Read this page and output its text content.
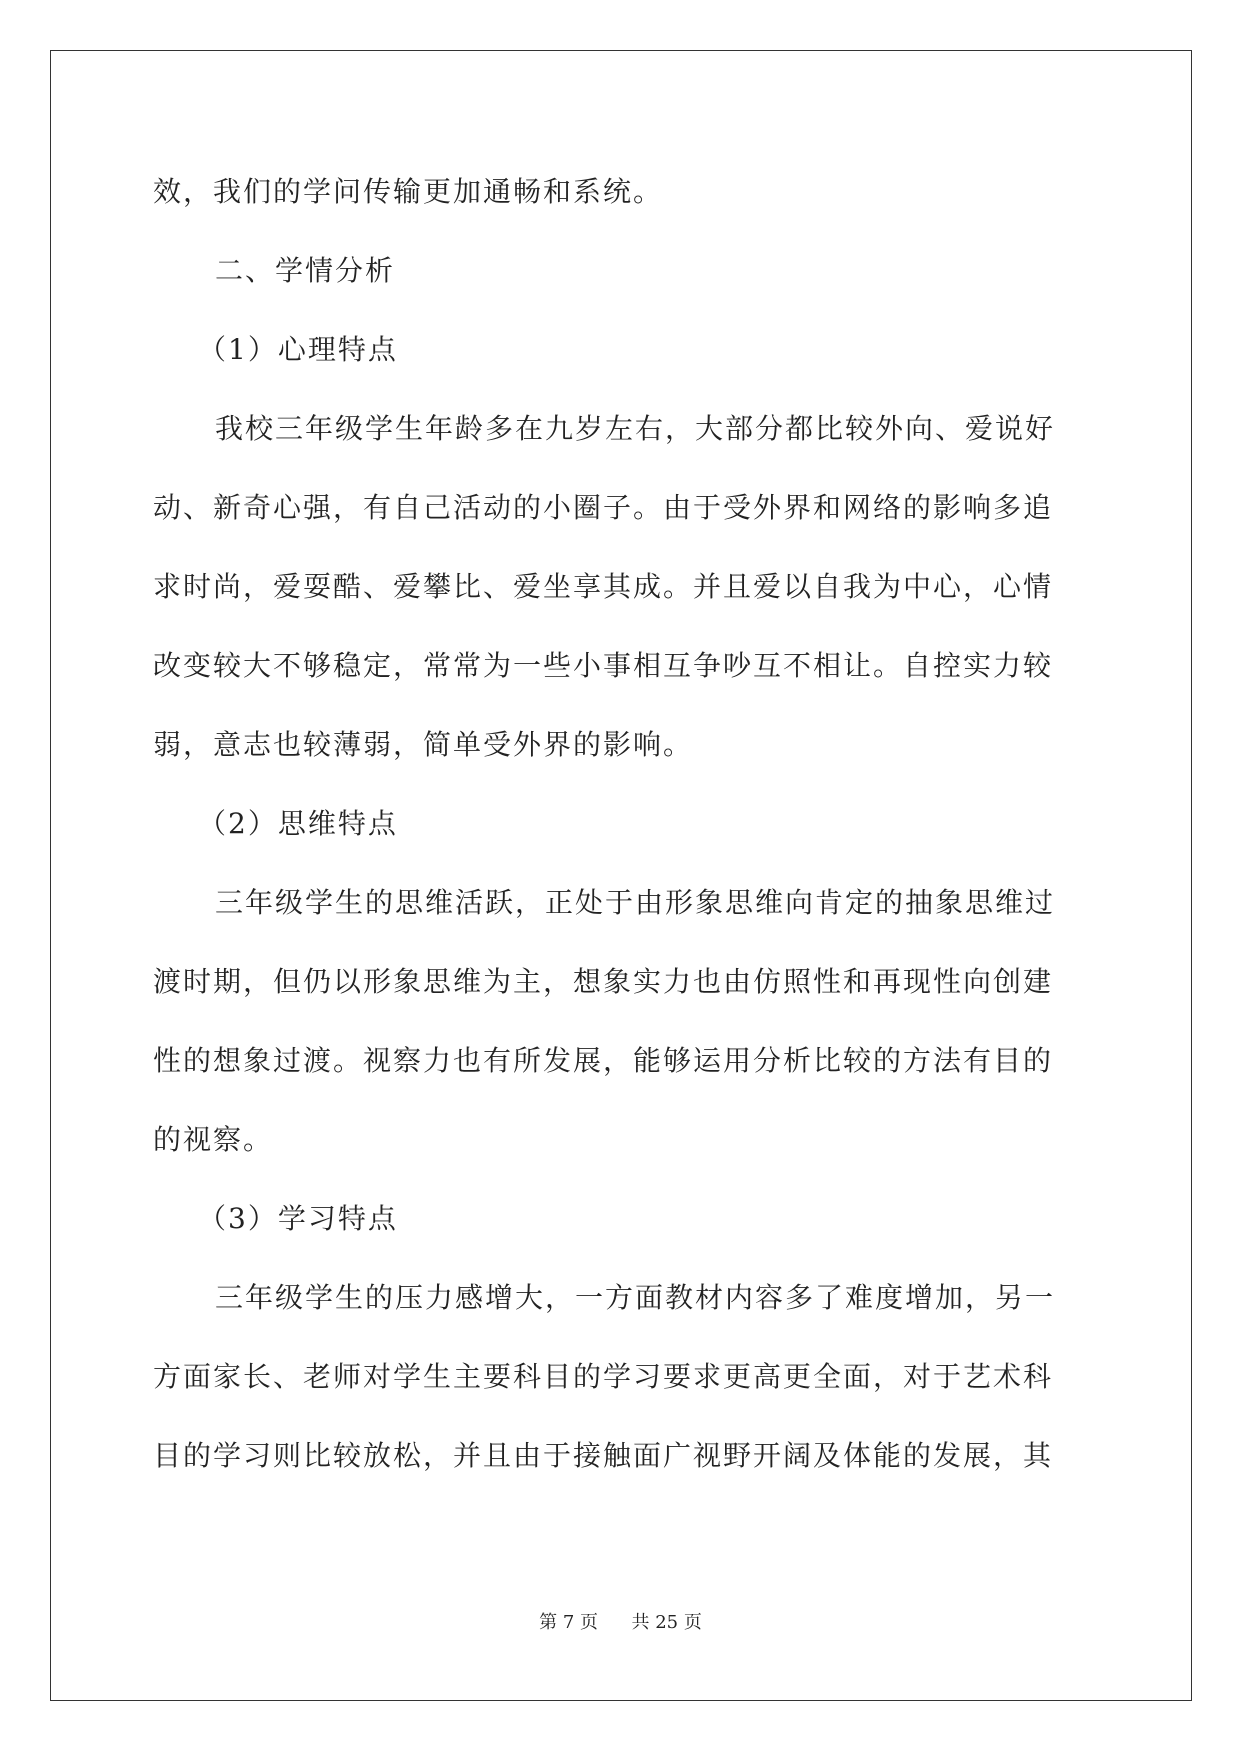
效，我们的学问传输更加通畅和系统。
二、学情分析
（1）心理特点
我校三年级学生年龄多在九岁左右，大部分都比较外向、爱说好
动、新奇心强，有自己活动的小圈子。由于受外界和网络的影响多追
求时尚，爱耍酷、爱攀比、爱坐享其成。并且爱以自我为中心，心情
改变较大不够稳定，常常为一些小事相互争吵互不相让。自控实力较
弱，意志也较薄弱，简单受外界的影响。
（2）思维特点
三年级学生的思维活跃，正处于由形象思维向肯定的抽象思维过
渡时期，但仍以形象思维为主，想象实力也由仿照性和再现性向创建
性的想象过渡。视察力也有所发展，能够运用分析比较的方法有目的
的视察。
（3）学习特点
三年级学生的压力感增大，一方面教材内容多了难度增加，另一
方面家长、老师对学生主要科目的学习要求更高更全面，对于艺术科
目的学习则比较放松，并且由于接触面广视野开阔及体能的发展，其
第 7 页 共 25 页
